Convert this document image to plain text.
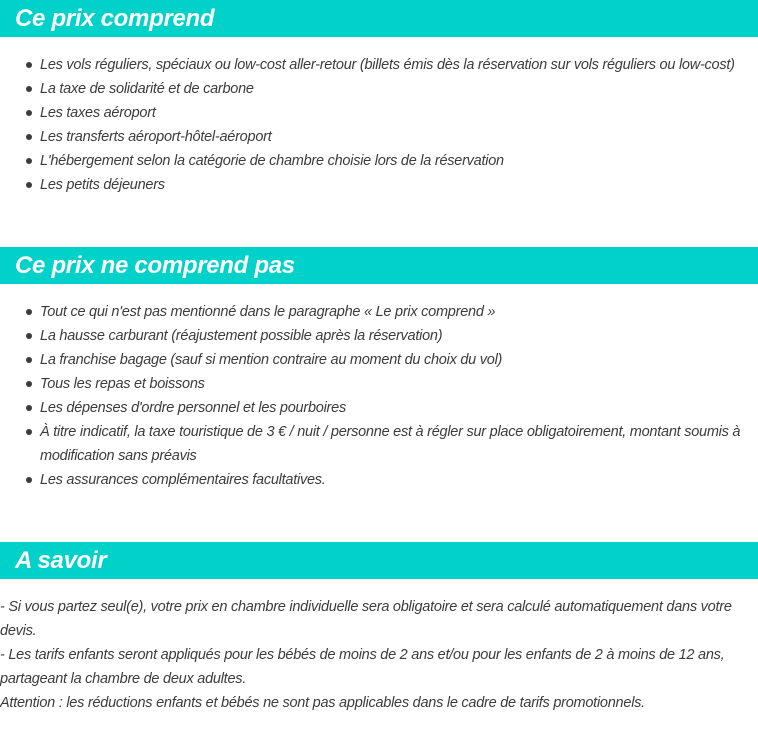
Ce prix comprend
Les vols réguliers, spéciaux ou low-cost aller-retour (billets émis dès la réservation sur vols réguliers ou low-cost)
La taxe de solidarité et de carbone
Les taxes aéroport
Les transferts aéroport-hôtel-aéroport
L'hébergement selon la catégorie de chambre choisie lors de la réservation
Les petits déjeuners
Ce prix ne comprend pas
Tout ce qui n'est pas mentionné dans le paragraphe « Le prix comprend »
La hausse carburant (réajustement possible après la réservation)
La franchise bagage (sauf si mention contraire au moment du choix du vol)
Tous les repas et boissons
Les dépenses d'ordre personnel et les pourboires
À titre indicatif, la taxe touristique de 3 € / nuit / personne est à régler sur place obligatoirement, montant soumis à modification sans préavis
Les assurances complémentaires facultatives.
A savoir

- Si vous partez seul(e), votre prix en chambre individuelle sera obligatoire et sera calculé automatiquement dans votre devis.

- Les tarifs enfants seront appliqués pour les bébés de moins de 2 ans et/ou pour les enfants de 2 à moins de 12 ans, partageant la chambre de deux adultes.

Attention : les réductions enfants et bébés ne sont pas applicables dans le cadre de tarifs promotionnels.
